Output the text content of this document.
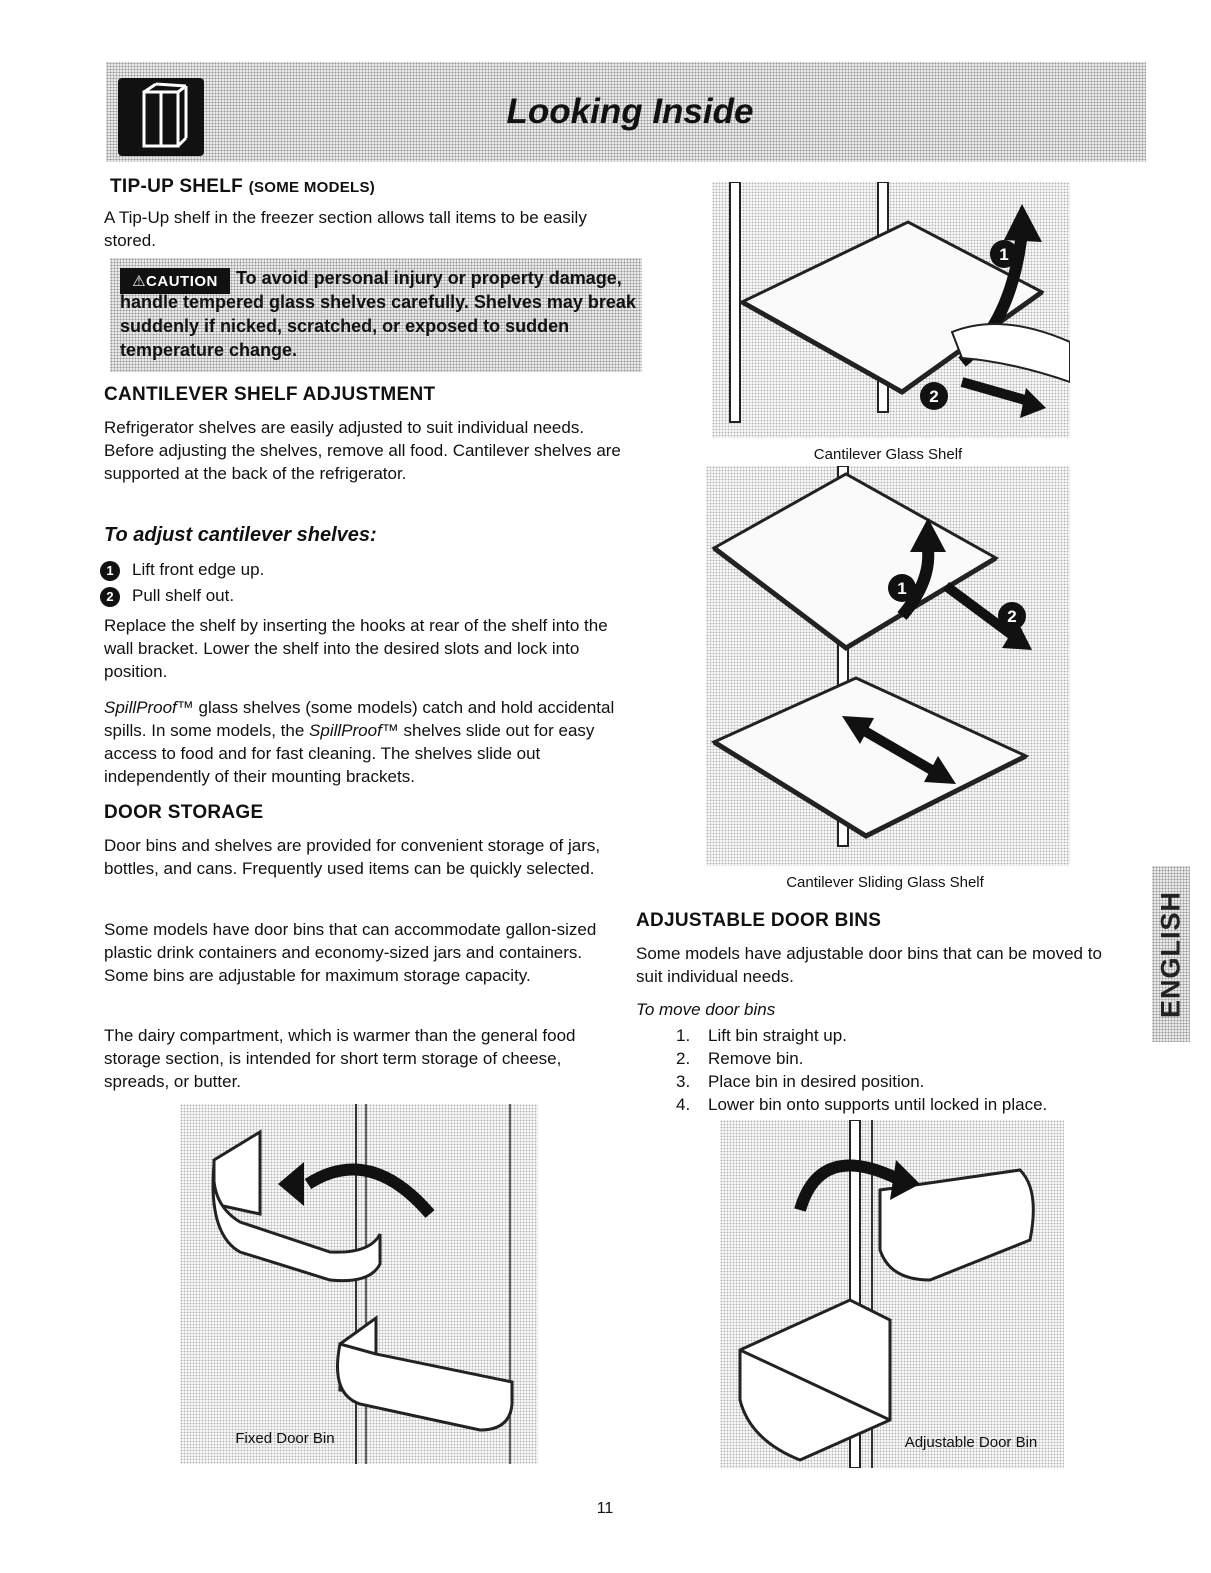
Looking Inside
TIP-UP SHELF (SOME MODELS)

A Tip-Up shelf in the freezer section allows tall items to be easily stored.

⚠CAUTION	To avoid personal injury or property damage, handle tempered glass shelves carefully. Shelves may break suddenly if nicked, scratched, or exposed to sudden temperature change.
CANTILEVER SHELF ADJUSTMENT

Refrigerator shelves are easily adjusted to suit individual needs. Before adjusting the shelves, remove all food. Cantilever shelves are supported at the back of the refrigerator.

To adjust cantilever shelves:

1 Lift front edge up.
2 Pull shelf out.

Replace the shelf by inserting the hooks at rear of the shelf into the wall bracket. Lower the shelf into the desired slots and lock into position.

SpillProof™ glass shelves (some models) catch and hold accidental spills. In some models, the SpillProof™ shelves slide out for easy access to food and for fast cleaning. The shelves slide out independently of their mounting brackets.

DOOR STORAGE

Door bins and shelves are provided for convenient storage of jars, bottles, and cans. Frequently used items can be quickly selected.

Some models have door bins that can accommodate gallon-sized plastic drink containers and economy-sized jars and containers. Some bins are adjustable for maximum storage capacity.

The dairy compartment, which is warmer than the general food storage section, is intended for short term storage of cheese, spreads, or butter.

Fixed Door Bin
1
2
Cantilever Glass Shelf
1
2
Cantilever Sliding Glass Shelf
ADJUSTABLE DOOR BINS

Some models have adjustable door bins that can be moved to suit individual needs.

To move door bins

1. Lift bin straight up.
2. Remove bin.
3. Place bin in desired position.
4. Lower bin onto supports until locked in place.
Adjustable Door Bin
ENGLISH
11
